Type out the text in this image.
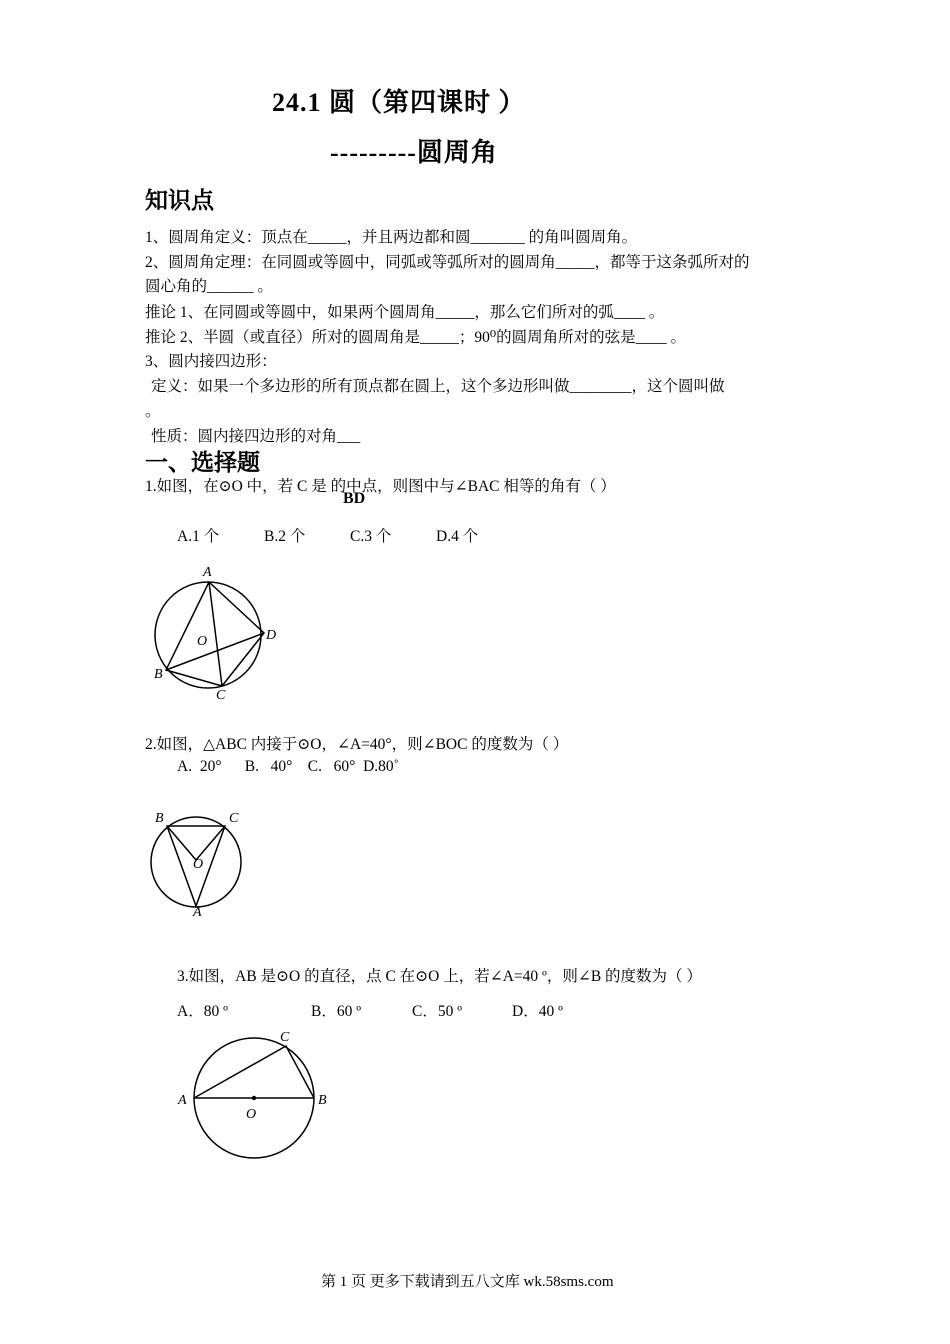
24.1 圆（第四课时 ）
---------圆周角
知识点
1、圆周角定义：顶点在_____，并且两边都和圆_______ 的角叫圆周角。
2、圆周角定理：在同圆或等圆中，同弧或等弧所对的圆周角_____，都等于这条弧所对的
圆心角的______ 。
推论 1、在同圆或等圆中，如果两个圆周角_____，那么它们所对的弧____ 。
推论 2、半圆（或直径）所对的圆周角是_____；90⁰的圆周角所对的弦是____ 。
3、圆内接四边形：
定义：如果一个多边形的所有顶点都在圆上，这个多边形叫做________，这个圆叫做
。
性质：圆内接四边形的对角___
一、选择题
1.如图，在⊙O 中，若 C 是 的中点，则图中与∠BAC 相等的角有（ ）
BD
A.1 个	B.2 个	C.3 个	D.4 个
A
O	D
B
C
2.如图，△ABC 内接于⊙O，∠A=40°，则∠BOC 的度数为（ ）
A.  20°      B.   40°    C.   60°  D.80˚
B	C
O
A
3.如图，AB 是⊙O 的直径，点 C 在⊙O 上，若∠A=40 º，则∠B 的度数为（ ）
A．80 º	B．60 º	C．50 º	D．40 º
A	B
C
O
第 1 页 更多下载请到五八文库 wk.58sms.com
